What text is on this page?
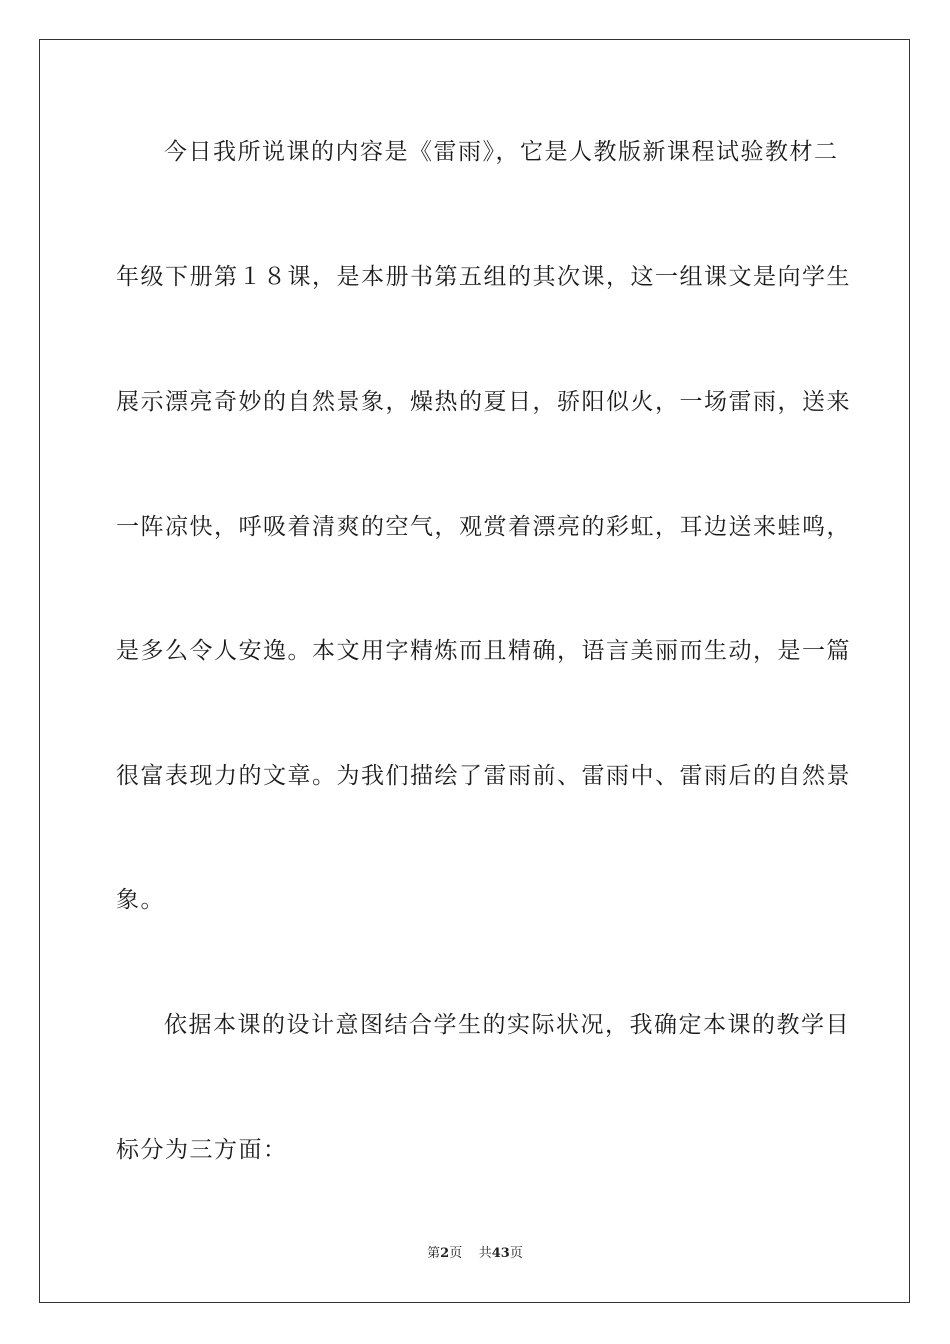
今日我所说课的内容是《雷雨》，它是人教版新课程试验教材二
年级下册第１８课，是本册书第五组的其次课，这一组课文是向学生
展示漂亮奇妙的自然景象，燥热的夏日，骄阳似火，一场雷雨，送来
一阵凉快，呼吸着清爽的空气，观赏着漂亮的彩虹，耳边送来蛙鸣，
是多么令人安逸。本文用字精炼而且精确，语言美丽而生动，是一篇
很富表现力的文章。为我们描绘了雷雨前、雷雨中、雷雨后的自然景
象。
依据本课的设计意图结合学生的实际状况，我确定本课的教学目
标分为三方面：
第2页 共43页
